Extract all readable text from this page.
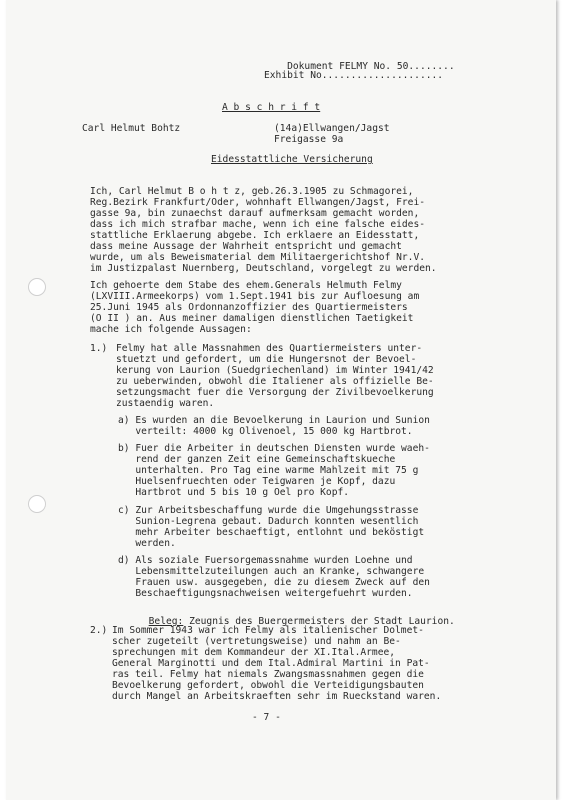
Dokument FELMY No. 50........

Exhibit No.....................
A b s c h r i f t
Carl Helmut Bohtz	(14a)Ellwangen/Jagst
Freigasse 9a
Eidesstattliche Versicherung
Ich, Carl Helmut B o h t z, geb.26.3.1905 zu Schmagorei,
Reg.Bezirk Frankfurt/Oder, wohnhaft Ellwangen/Jagst, Frei-
gasse 9a, bin zunaechst darauf aufmerksam gemacht worden,
dass ich mich strafbar mache, wenn ich eine falsche eides-
stattliche Erklaerung abgebe. Ich erklaere an Eidesstatt,
dass meine Aussage der Wahrheit entspricht und gemacht
wurde, um als Beweismaterial dem Militaergerichtshof Nr.V.
im Justizpalast Nuernberg, Deutschland, vorgelegt zu werden.
Ich gehoerte dem Stabe des ehem.Generals Helmuth Felmy
(LXVIII.Armeekorps) vom 1.Sept.1941 bis zur Aufloesung am
25.Juni 1945 als Ordonnanzoffizier des Quartiermeisters
(O II ) an. Aus meiner damaligen dienstlichen Taetigkeit
mache ich folgende Aussagen:
1.) Felmy hat alle Massnahmen des Quartiermeisters unter-
stuetzt und gefordert, um die Hungersnot der Bevoel-
kerung von Laurion (Suedgriechenland) im Winter 1941/42
zu ueberwinden, obwohl die Italiener als offizielle Be-
setzungsmacht fuer die Versorgung der Zivilbevoelkerung
zustaendig waren.
a) Es wurden an die Bevoelkerung in Laurion und Sunion
verteilt: 4000 kg Olivenoel, 15 000 kg Hartbrot.
b) Fuer die Arbeiter in deutschen Diensten wurde waeh-
rend der ganzen Zeit eine Gemeinschaftskueche
unterhalten. Pro Tag eine warme Mahlzeit mit 75 g
Huelsenfruechten oder Teigwaren je Kopf, dazu
Hartbrot und 5 bis 10 g Oel pro Kopf.
c) Zur Arbeitsbeschaffung wurde die Umgehungsstrasse
Sunion-Legrena gebaut. Dadurch konnten wesentlich
mehr Arbeiter beschaeftigt, entlohnt und beköstigt
werden.
d) Als soziale Fuersorgemassnahme wurden Loehne und
Lebensmittelzuteilungen auch an Kranke, schwangere
Frauen usw. ausgegeben, die zu diesem Zweck auf den
Beschaeftigungsnachweisen weitergefuehrt wurden.

Beleg: Zeugnis des Buergermeisters der Stadt Laurion.

2.) Im Sommer 1943 war ich Felmy als italienischer Dolmet-
scher zugeteilt (vertretungsweise) und nahm an Be-
sprechungen mit dem Kommandeur der XI.Ital.Armee,
General Marginotti und dem Ital.Admiral Martini in Pat-
ras teil. Felmy hat niemals Zwangsmassnahmen gegen die
Bevoelkerung gefordert, obwohl die Verteidigungsbauten
durch Mangel an Arbeitskraeften sehr im Rueckstand waren.
- 7 -
